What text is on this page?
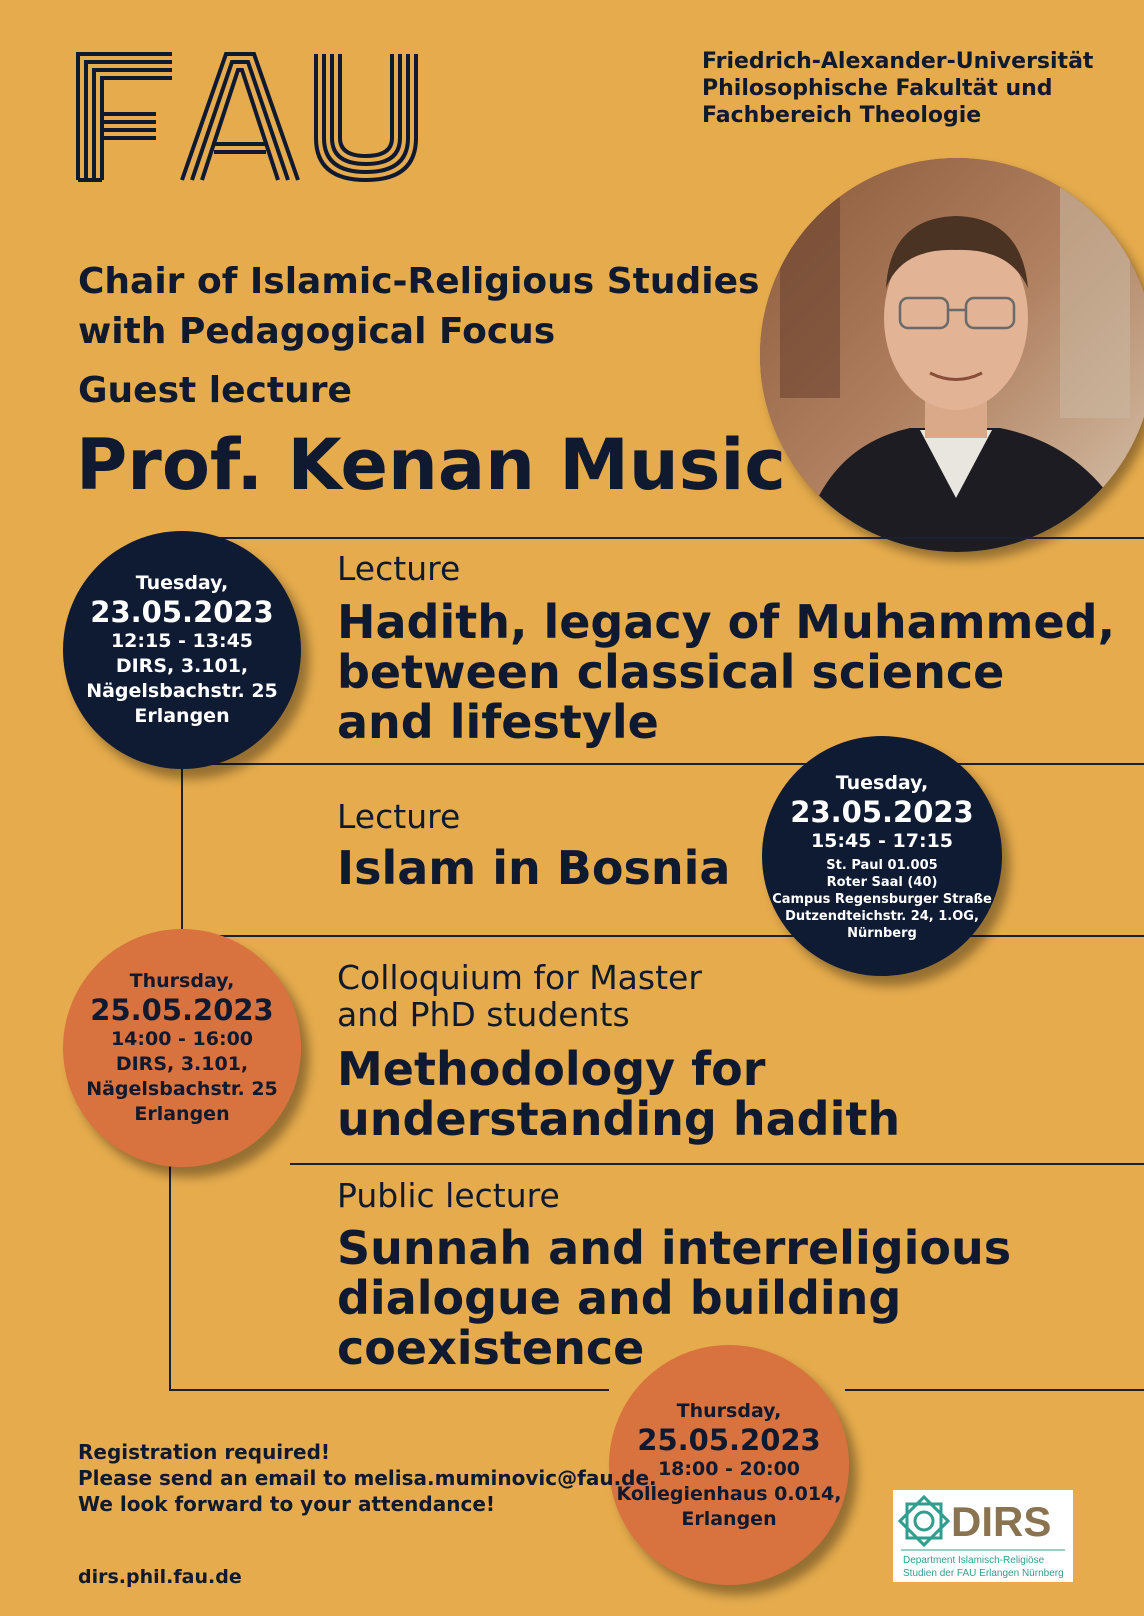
Friedrich-Alexander-Universität
Philosophische Fakultät und
Fachbereich Theologie
Chair of Islamic-Religious Studies
with Pedagogical Focus
Guest lecture
Prof. Kenan Music
Tuesday,
23.05.2023
12:15 - 13:45
DIRS, 3.101,
Nägelsbachstr. 25
Erlangen
Lecture
Hadith, legacy of Muhammed,
between classical science
and lifestyle
Lecture
Islam in Bosnia
Tuesday,
23.05.2023
15:45 - 17:15
St. Paul 01.005
Roter Saal (40)
Campus Regensburger Straße
Dutzendteichstr. 24, 1.OG,
Nürnberg
Thursday,
25.05.2023
14:00 - 16:00
DIRS, 3.101,
Nägelsbachstr. 25
Erlangen
Colloquium for Master
and PhD students
Methodology for
understanding hadith
Public lecture
Sunnah and interreligious
dialogue and building
coexistence
Thursday,
25.05.2023
18:00 - 20:00
Kollegienhaus 0.014,
Erlangen
Registration required!
Please send an email to melisa.muminovic@fau.de.
We look forward to your attendance!
dirs.phil.fau.de
DIRS
Department Islamisch-Religiöse
Studien der FAU Erlangen Nürnberg
